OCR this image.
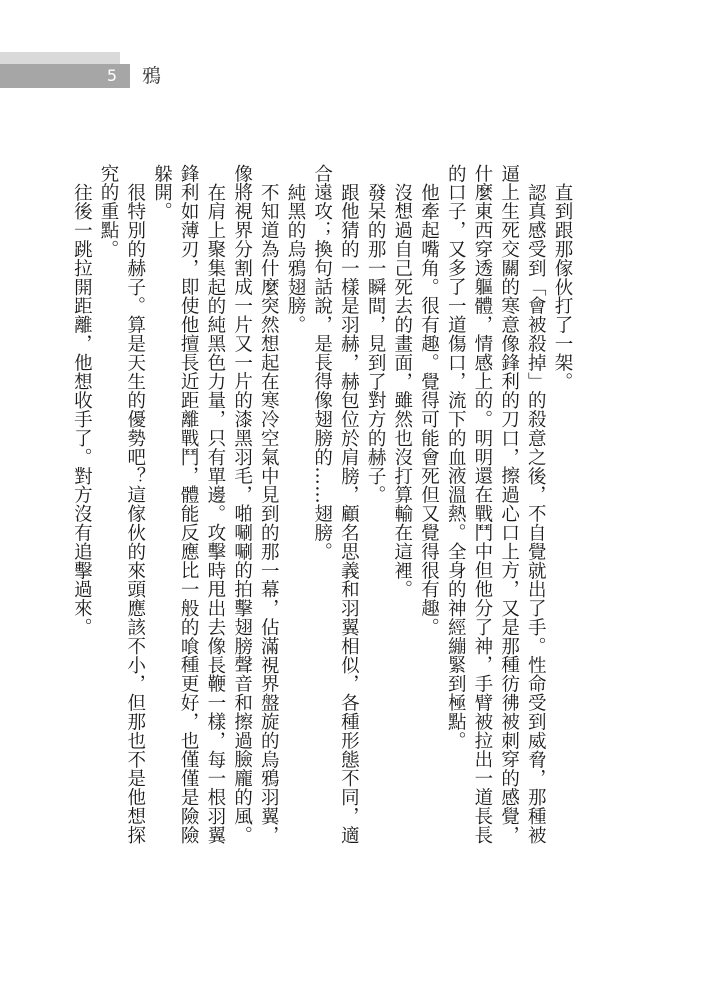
5	鴉

直到跟那傢伙打了一架。

認真感受到「會被殺掉」的殺意之後，不自覺就出了手。性命受到威脅，那種被逼上生死交關的寒意像鋒利的刀口，擦過心口上方，又是那種彷彿被刺穿的感覺，什麼東西穿透軀體，情感上的。明明還在戰鬥中但他分了神，手臂被拉出一道長長的口子，又多了一道傷口，流下的血液溫熱。全身的神經繃緊到極點。

他牽起嘴角。很有趣。覺得可能會死但又覺得很有趣。

沒想過自己死去的畫面，雖然也沒打算輸在這裡。

發呆的那一瞬間，見到了對方的赫子。

跟他猜的一樣是羽赫，赫包位於肩膀，顧名思義和羽翼相似，各種形態不同，適合遠攻；換句話說，是長得像翅膀的……翅膀。

純黑的烏鴉翅膀。

不知道為什麼突然想起在寒冷空氣中見到的那一幕，佔滿視界盤旋的烏鴉羽翼，像將視界分割成一片又一片的漆黑羽毛，啪唰唰的拍擊翅膀聲音和擦過臉龐的風。

在肩上聚集起的純黑色力量，只有單邊。攻擊時甩出去像長鞭一樣，每一根羽翼鋒利如薄刃，即使他擅長近距離戰鬥，體能反應比一般的喰種更好，也僅僅是險險躲開。

很特別的赫子。算是天生的優勢吧？這傢伙的來頭應該不小，但那也不是他想探究的重點。

往後一跳拉開距離，他想收手了。對方沒有追擊過來。
